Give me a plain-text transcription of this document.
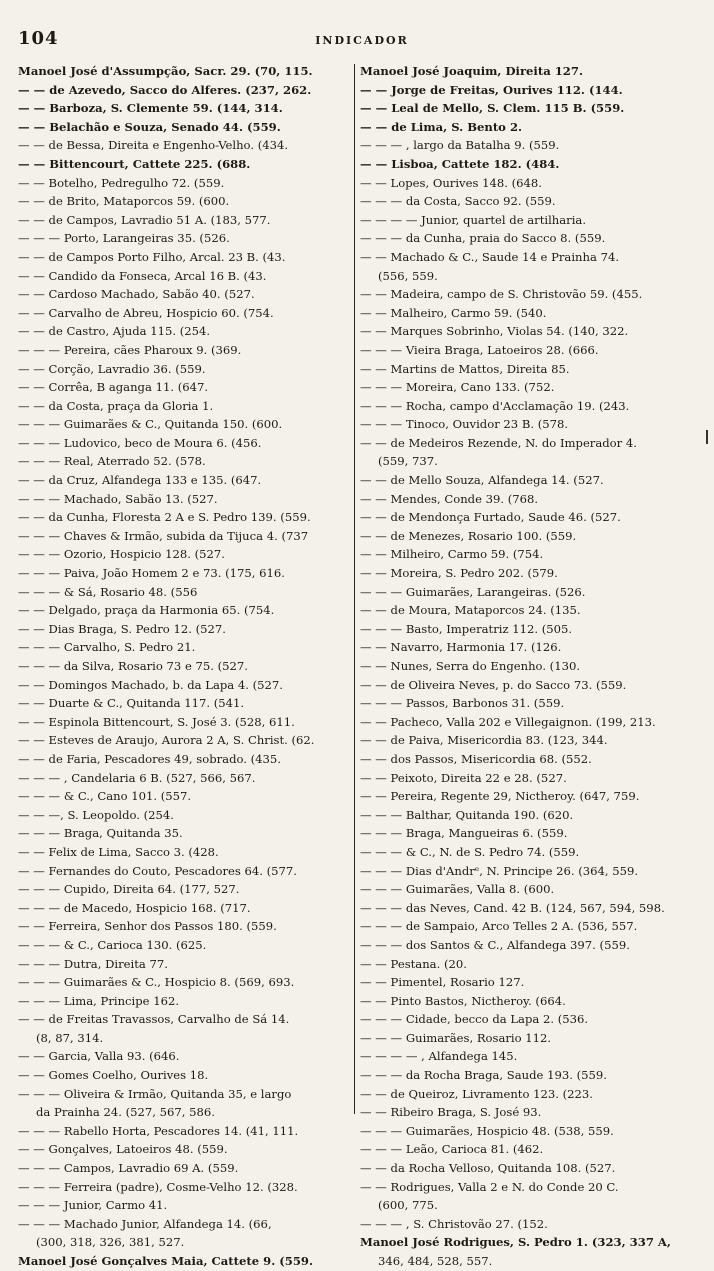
104	INDICADOR

Manoel José d'Assumpção, Sacr. 29. (70, 115.

— — de Azevedo, Sacco do Alferes. (237, 262.

— — Barboza, S. Clemente 59. (144, 314.

— — Belachão e Souza, Senado 44. (559.

— — de Bessa, Direita e Engenho-Velho. (434.

— — Bittencourt, Cattete 225. (688.

— — Botelho, Pedregulho 72. (559.

— — de Brito, Mataporcos 59. (600.

— — de Campos, Lavradio 51 A. (183, 577.

— — — Porto, Larangeiras 35. (526.

— — de Campos Porto Filho, Arcal. 23 B. (43.

— — Candido da Fonseca, Arcal 16 B. (43.

— — Cardoso Machado, Sabão 40. (527.

— — Carvalho de Abreu, Hospicio 60. (754.

— — de Castro, Ajuda 115. (254.

— — — Pereira, cães Pharoux 9. (369.

— — Corção, Lavradio 36. (559.

— — Corrêa, B aganga 11. (647.

— — da Costa, praça da Gloria 1.

— — — Guimarães & C., Quitanda 150. (600.

— — — Ludovico, beco de Moura 6. (456.

— — — Real, Aterrado 52. (578.

— — da Cruz, Alfandega 133 e 135. (647.

— — — Machado, Sabão 13. (527.

— — da Cunha, Floresta 2 A e S. Pedro 139. (559.

— — — Chaves & Irmão, subida da Tijuca 4. (737

— — — Ozorio, Hospicio 128. (527.

— — — Paiva, João Homem 2 e 73. (175, 616.

— — — & Sá, Rosario 48. (556

— — Delgado, praça da Harmonia 65. (754.

— — Dias Braga, S. Pedro 12. (527.

— — — Carvalho, S. Pedro 21.

— — — da Silva, Rosario 73 e 75. (527.

— — Domingos Machado, b. da Lapa 4. (527.

— — Duarte & C., Quitanda 117. (541.

— — Espinola Bittencourt, S. José 3. (528, 611.

— — Esteves de Araujo, Aurora 2 A, S. Christ. (62.

— — de Faria, Pescadores 49, sobrado. (435.

— — — , Candelaria 6 B. (527, 566, 567.

— — — & C., Cano 101. (557.

— — —, S. Leopoldo. (254.

— — — Braga, Quitanda 35.

— — Felix de Lima, Sacco 3. (428.

— — Fernandes do Couto, Pescadores 64. (577.

— — — Cupido, Direita 64. (177, 527.

— — — de Macedo, Hospicio 168. (717.

— — Ferreira, Senhor dos Passos 180. (559.

— — — & C., Carioca 130. (625.

— — — Dutra, Direita 77.

— — — Guimarães & C., Hospicio 8. (569, 693.

— — — Lima, Principe 162.

— — de Freitas Travassos, Carvalho de Sá 14.

(8, 87, 314.

— — Garcia, Valla 93. (646.

— — Gomes Coelho, Ourives 18.

— — — Oliveira & Irmão, Quitanda 35, e largo

da Prainha 24. (527, 567, 586.

— — — Rabello Horta, Pescadores 14. (41, 111.

— — Gonçalves, Latoeiros 48. (559.

— — — Campos, Lavradio 69 A. (559.

— — — Ferreira (padre), Cosme-Velho 12. (328.

— — — Junior, Carmo 41.

— — — Machado Junior, Alfandega 14. (66,

(300, 318, 326, 381, 527.

Manoel José Gonçalves Maia, Cattete 9. (559.

Manoel José Joaquim, Direita 127.

— — Jorge de Freitas, Ourives 112. (144.

— — Leal de Mello, S. Clem. 115 B. (559.

— — de Lima, S. Bento 2.

— — — , largo da Batalha 9. (559.

— — Lisboa, Cattete 182. (484.

— — Lopes, Ourives 148. (648.

— — — da Costa, Sacco 92. (559.

— — — — Junior, quartel de artilharia.

— — — da Cunha, praia do Sacco 8. (559.

— — Machado & C., Saude 14 e Prainha 74.

(556, 559.

— — Madeira, campo de S. Christovão 59. (455.

— — Malheiro, Carmo 59. (540.

— — Marques Sobrinho, Violas 54. (140, 322.

— — — Vieira Braga, Latoeiros 28. (666.

— — Martins de Mattos, Direita 85.

— — — Moreira, Cano 133. (752.

— — — Rocha, campo d'Acclamação 19. (243.

— — — Tinoco, Ouvidor 23 B. (578.

— — de Medeiros Rezende, N. do Imperador 4.

(559, 737.

— — de Mello Souza, Alfandega 14. (527.

— — Mendes, Conde 39. (768.

— — de Mendonça Furtado, Saude 46. (527.

— — de Menezes, Rosario 100. (559.

— — Milheiro, Carmo 59. (754.

— — Moreira, S. Pedro 202. (579.

— — — Guimarães, Larangeiras. (526.

— — de Moura, Mataporcos 24. (135.

— — — Basto, Imperatriz 112. (505.

— — Navarro, Harmonia 17. (126.

— — Nunes, Serra do Engenho. (130.

— — de Oliveira Neves, p. do Sacco 73. (559.

— — — Passos, Barbonos 31. (559.

— — Pacheco, Valla 202 e Villegaignon. (199, 213.

— — de Paiva, Misericordia 83. (123, 344.

— — dos Passos, Misericordia 68. (552.

— — Peixoto, Direita 22 e 28. (527.

— — Pereira, Regente 29, Nictheroy. (647, 759.

— — — Balthar, Quitanda 190. (620.

— — — Braga, Mangueiras 6. (559.

— — — & C., N. de S. Pedro 74. (559.

— — — Dias d'Andrᵉ, N. Principe 26. (364, 559.

— — — Guimarães, Valla 8. (600.

— — — das Neves, Cand. 42 B. (124, 567, 594, 598.

— — — de Sampaio, Arco Telles 2 A. (536, 557.

— — — dos Santos & C., Alfandega 397. (559.

— — Pestana. (20.

— — Pimentel, Rosario 127.

— — Pinto Bastos, Nictheroy. (664.

— — — Cidade, becco da Lapa 2. (536.

— — — Guimarães, Rosario 112.

— — — — , Alfandega 145.

— — — da Rocha Braga, Saude 193. (559.

— — de Queiroz, Livramento 123. (223.

— — Ribeiro Braga, S. José 93.

— — — Guimarães, Hospicio 48. (538, 559.

— — — Leão, Carioca 81. (462.

— — da Rocha Velloso, Quitanda 108. (527.

— — Rodrigues, Valla 2 e N. do Conde 20 C.

(600, 775.

— — — , S. Christovão 27. (152.

Manoel José Rodrigues, S. Pedro 1. (323, 337 A,

346, 484, 528, 557.
